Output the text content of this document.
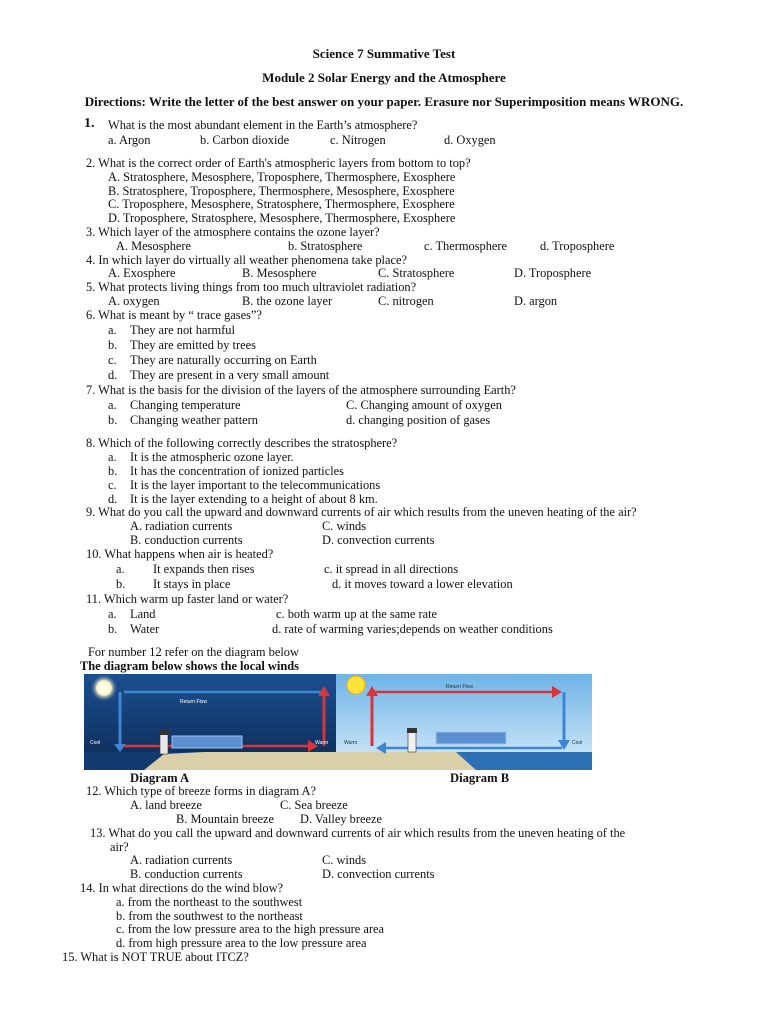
Science 7 Summative Test
Module 2 Solar Energy and the Atmosphere
Directions: Write the letter of the best answer on your paper. Erasure nor Superimposition means WRONG.
1. What is the most abundant element in the Earth’s atmosphere?
a. Argon	b. Carbon dioxide	c. Nitrogen	d. Oxygen
2. What is the correct order of Earth's atmospheric layers from bottom to top?
A. Stratosphere, Mesosphere, Troposphere, Thermosphere, Exosphere
B. Stratosphere, Troposphere, Thermosphere, Mesosphere, Exosphere
C. Troposphere, Mesosphere, Stratosphere, Thermosphere, Exosphere
D. Troposphere, Stratosphere, Mesosphere, Thermosphere, Exosphere
3. Which layer of the atmosphere contains the ozone layer?
A. Mesosphere	b. Stratosphere	c. Thermosphere	d. Troposphere
4. In which layer do virtually all weather phenomena take place?
A. Exosphere	B. Mesosphere	C. Stratosphere	D. Troposphere
5. What protects living things from too much ultraviolet radiation?
A. oxygen	B. the ozone layer	C. nitrogen	D. argon
6. What is meant by “ trace gases”?
a. They are not harmful
b. They are emitted by trees
c. They are naturally occurring on Earth
d. They are present in a very small amount
7. What is the basis for the division of the layers of the atmosphere surrounding Earth?
a. Changing temperature	C. Changing amount of oxygen
b. Changing weather pattern	d. changing position of gases
8. Which of the following correctly describes the stratosphere?
a. It is the atmospheric ozone layer.
b. It has the concentration of ionized particles
c. It is the layer important to the telecommunications
d. It is the layer extending to a height of about 8 km.
9. What do you call the upward and downward currents of air which results from the uneven heating of the air?
A. radiation currents	C. winds
B. conduction currents	D. convection currents
10. What happens when air is heated?
a. It expands then rises	c. it spread in all directions
b. It stays in place	d. it moves toward a lower elevation
11. Which warm up faster land or water?
a. Land	c. both warm up at the same rate
b. Water	d. rate of warming varies;depends on weather conditions
For number 12 refer on the diagram below
The diagram below shows the local winds
Return Flow
Cool	Warm
Return Flow
Warm	Cool
Diagram A	Diagram B
12. Which type of breeze forms in diagram A?
A. land breeze	C. Sea breeze
B. Mountain breeze D. Valley breeze
13. What do you call the upward and downward currents of air which results from the uneven heating of the
air?
A. radiation currents	C. winds
B. conduction currents	D. convection currents
14. In what directions do the wind blow?
a. from the northeast to the southwest
b. from the southwest to the northeast
c. from the low pressure area to the high pressure area
d. from high pressure area to the low pressure area
15. What is NOT TRUE about ITCZ?
